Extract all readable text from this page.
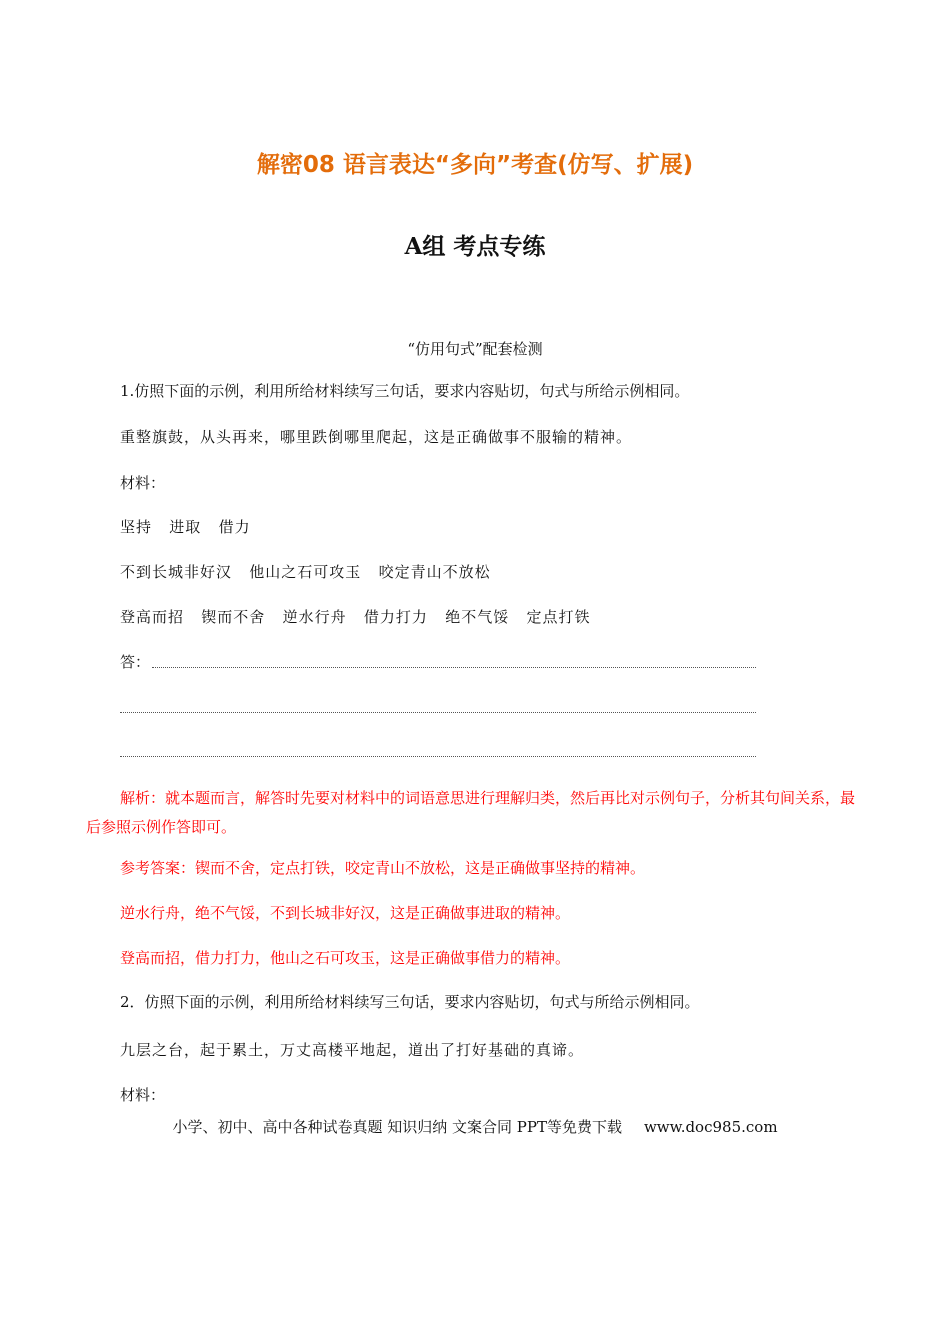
解密08 语言表达“多向”考查(仿写、扩展)
A组 考点专练
“仿用句式”配套检测
1.仿照下面的示例，利用所给材料续写三句话，要求内容贴切，句式与所给示例相同。
重整旗鼓，从头再来，哪里跌倒哪里爬起，这是正确做事不服输的精神。
材料：
坚持   进取   借力
不到长城非好汉   他山之石可攻玉   咬定青山不放松
登高而招   锲而不舍   逆水行舟   借力打力   绝不气馁   定点打铁
答：
解析：就本题而言，解答时先要对材料中的词语意思进行理解归类，然后再比对示例句子，分析其句间关系，最后参照示例作答即可。
参考答案：锲而不舍，定点打铁，咬定青山不放松，这是正确做事坚持的精神。
逆水行舟，绝不气馁，不到长城非好汉，这是正确做事进取的精神。
登高而招，借力打力，他山之石可攻玉，这是正确做事借力的精神。
2．仿照下面的示例，利用所给材料续写三句话，要求内容贴切，句式与所给示例相同。
九层之台，起于累土，万丈高楼平地起，道出了打好基础的真谛。
材料：
小学、初中、高中各种试卷真题 知识归纳 文案合同 PPT等免费下载 www.doc985.com
